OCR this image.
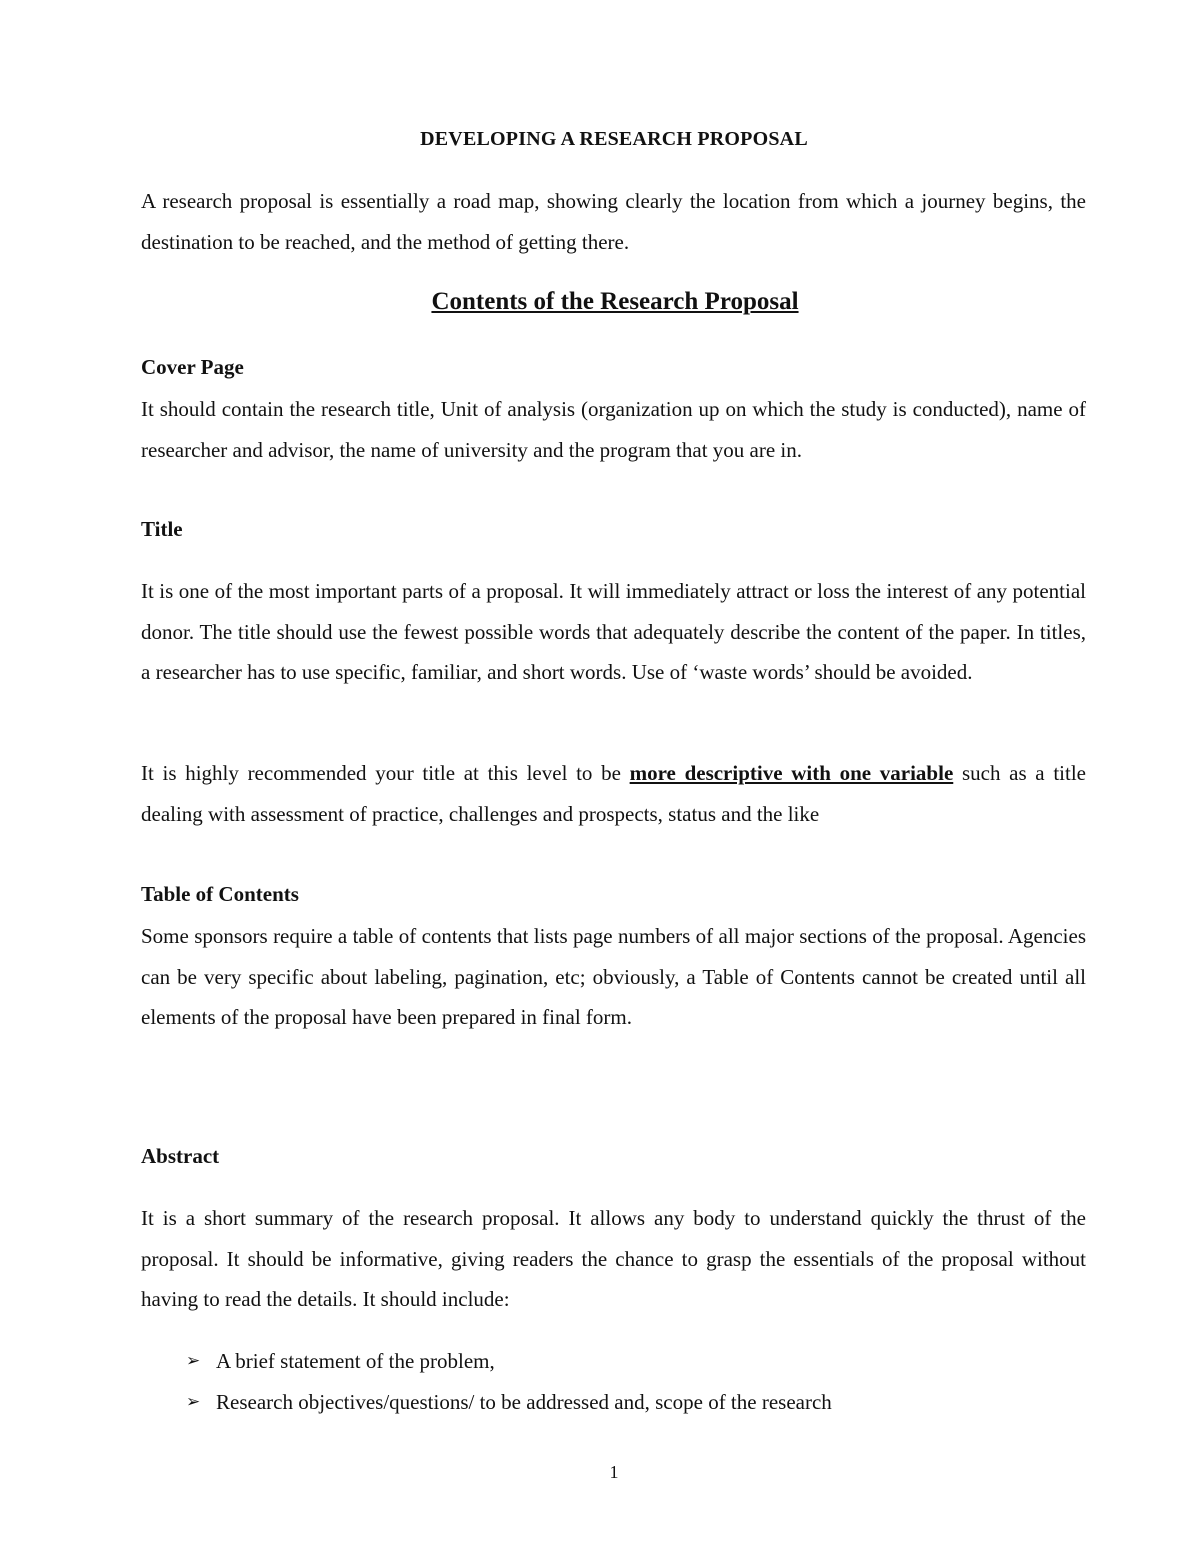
DEVELOPING A RESEARCH PROPOSAL

A research proposal is essentially a road map, showing clearly the location from which a journey begins, the destination to be reached, and the method of getting there.

Contents of the Research Proposal
Cover Page

It should contain the research title, Unit of analysis (organization up on which the study is conducted), name of researcher and advisor, the name of university and the program that you are in.

Title

It is one of the most important parts of a proposal. It will immediately attract or loss the interest of any potential donor. The title should use the fewest possible words that adequately describe the content of the paper. In titles, a researcher has to use specific, familiar, and short words. Use of ‘waste words’ should be avoided.

It is highly recommended your title at this level to be more descriptive with one variable such as a title dealing with assessment of practice, challenges and prospects, status and the like

Table of Contents

Some sponsors require a table of contents that lists page numbers of all major sections of the proposal. Agencies can be very specific about labeling, pagination, etc; obviously, a Table of Contents cannot be created until all elements of the proposal have been prepared in final form.

Abstract

It is a short summary of the research proposal. It allows any body to understand quickly the thrust of the proposal. It should be informative, giving readers the chance to grasp the essentials of the proposal without having to read the details. It should include:

➢ A brief statement of the problem,
➢ Research objectives/questions/ to be addressed and, scope of the research

1
